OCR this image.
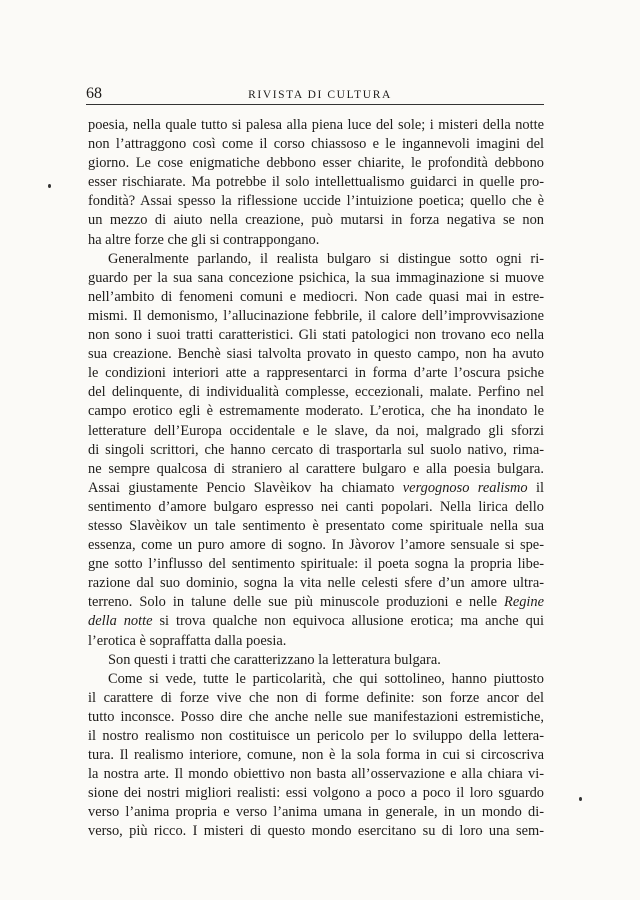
68	RIVISTA DI CULTURA
poesia, nella quale tutto si palesa alla piena luce del sole; i misteri della notte
non l’attraggono così come il corso chiassoso e le ingannevoli imagini del
giorno. Le cose enigmatiche debbono esser chiarite, le profondità debbono
esser rischiarate. Ma potrebbe il solo intellettualismo guidarci in quelle pro-
fondità? Assai spesso la riflessione uccide l’intuizione poetica; quello che è
un mezzo di aiuto nella creazione, può mutarsi in forza negativa se non
ha altre forze che gli si contrappongano.
Generalmente parlando, il realista bulgaro si distingue sotto ogni ri-
guardo per la sua sana concezione psichica, la sua immaginazione si muove
nell’ambito di fenomeni comuni e mediocri. Non cade quasi mai in estre-
mismi. Il demonismo, l’allucinazione febbrile, il calore dell’improvvisazione
non sono i suoi tratti caratteristici. Gli stati patologici non trovano eco nella
sua creazione. Benchè siasi talvolta provato in questo campo, non ha avuto
le condizioni interiori atte a rappresentarci in forma d’arte l’oscura psiche
del delinquente, di individualità complesse, eccezionali, malate. Perfino nel
campo erotico egli è estremamente moderato. L’erotica, che ha inondato le
letterature dell’Europa occidentale e le slave, da noi, malgrado gli sforzi
di singoli scrittori, che hanno cercato di trasportarla sul suolo nativo, rima-
ne sempre qualcosa di straniero al carattere bulgaro e alla poesia bulgara.
Assai giustamente Pencio Slavèikov ha chiamato vergognoso realismo il
sentimento d’amore bulgaro espresso nei canti popolari. Nella lirica dello
stesso Slavèikov un tale sentimento è presentato come spirituale nella sua
essenza, come un puro amore di sogno. In Jàvorov l’amore sensuale si spe-
gne sotto l’influsso del sentimento spirituale: il poeta sogna la propria libe-
razione dal suo dominio, sogna la vita nelle celesti sfere d’un amore ultra-
terreno. Solo in talune delle sue più minuscole produzioni e nelle Regine
della notte si trova qualche non equivoca allusione erotica; ma anche qui
l’erotica è sopraffatta dalla poesia.
Son questi i tratti che caratterizzano la letteratura bulgara.
Come si vede, tutte le particolarità, che qui sottolineo, hanno piuttosto
il carattere di forze vive che non di forme definite: son forze ancor del
tutto inconsce. Posso dire che anche nelle sue manifestazioni estremistiche,
il nostro realismo non costituisce un pericolo per lo sviluppo della lettera-
tura. Il realismo interiore, comune, non è la sola forma in cui si circoscriva
la nostra arte. Il mondo obiettivo non basta all’osservazione e alla chiara vi-
sione dei nostri migliori realisti: essi volgono a poco a poco il loro sguardo
verso l’anima propria e verso l’anima umana in generale, in un mondo di-
verso, più ricco. I misteri di questo mondo esercitano su di loro una sem-
